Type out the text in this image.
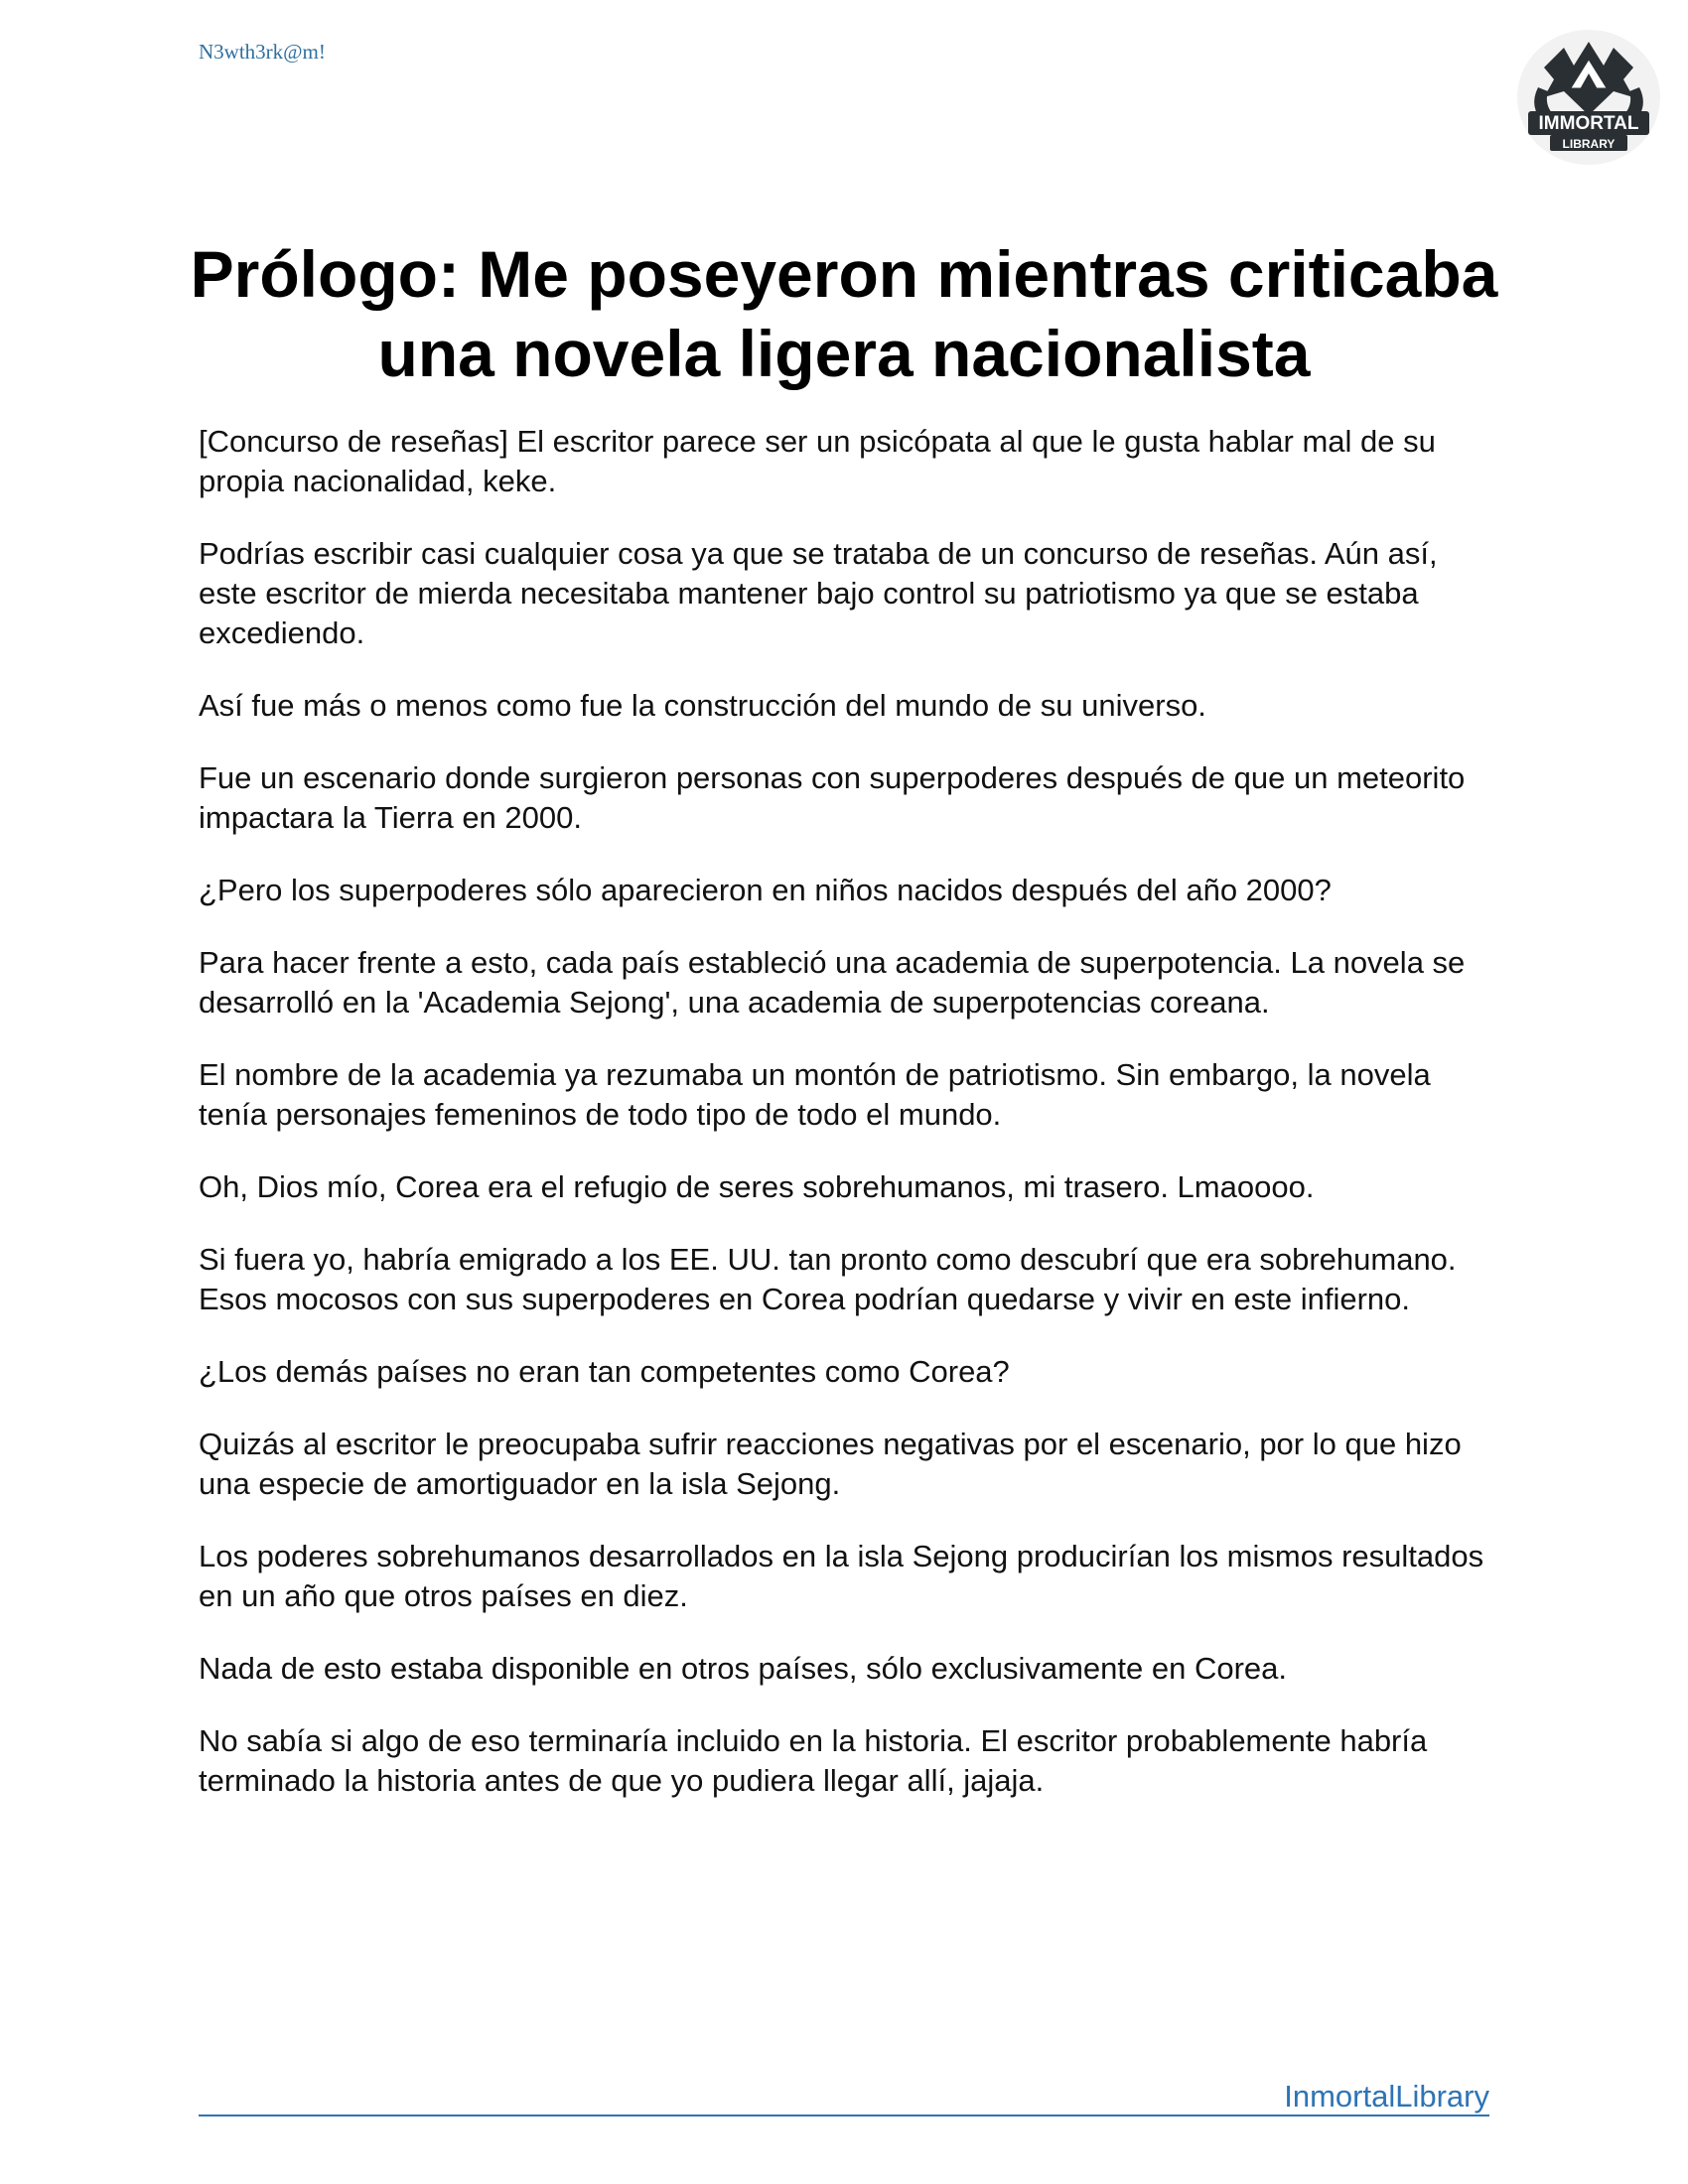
N3wth3rk@m!
IMMORTAL
LIBRARY
Prólogo: Me poseyeron mientras criticaba una novela ligera nacionalista

[Concurso de reseñas] El escritor parece ser un psicópata al que le gusta hablar mal de su propia nacionalidad, keke.

Podrías escribir casi cualquier cosa ya que se trataba de un concurso de reseñas. Aún así, este escritor de mierda necesitaba mantener bajo control su patriotismo ya que se estaba excediendo.

Así fue más o menos como fue la construcción del mundo de su universo.

Fue un escenario donde surgieron personas con superpoderes después de que un meteorito impactara la Tierra en 2000.

¿Pero los superpoderes sólo aparecieron en niños nacidos después del año 2000?

Para hacer frente a esto, cada país estableció una academia de superpotencia. La novela se desarrolló en la 'Academia Sejong', una academia de superpotencias coreana.

El nombre de la academia ya rezumaba un montón de patriotismo. Sin embargo, la novela tenía personajes femeninos de todo tipo de todo el mundo.

Oh, Dios mío, Corea era el refugio de seres sobrehumanos, mi trasero. Lmaoooo.

Si fuera yo, habría emigrado a los EE. UU. tan pronto como descubrí que era sobrehumano. Esos mocosos con sus superpoderes en Corea podrían quedarse y vivir en este infierno.

¿Los demás países no eran tan competentes como Corea?

Quizás al escritor le preocupaba sufrir reacciones negativas por el escenario, por lo que hizo una especie de amortiguador en la isla Sejong.

Los poderes sobrehumanos desarrollados en la isla Sejong producirían los mismos resultados en un año que otros países en diez.

Nada de esto estaba disponible en otros países, sólo exclusivamente en Corea.

No sabía si algo de eso terminaría incluido en la historia. El escritor probablemente habría terminado la historia antes de que yo pudiera llegar allí, jajaja.

InmortalLibrary
